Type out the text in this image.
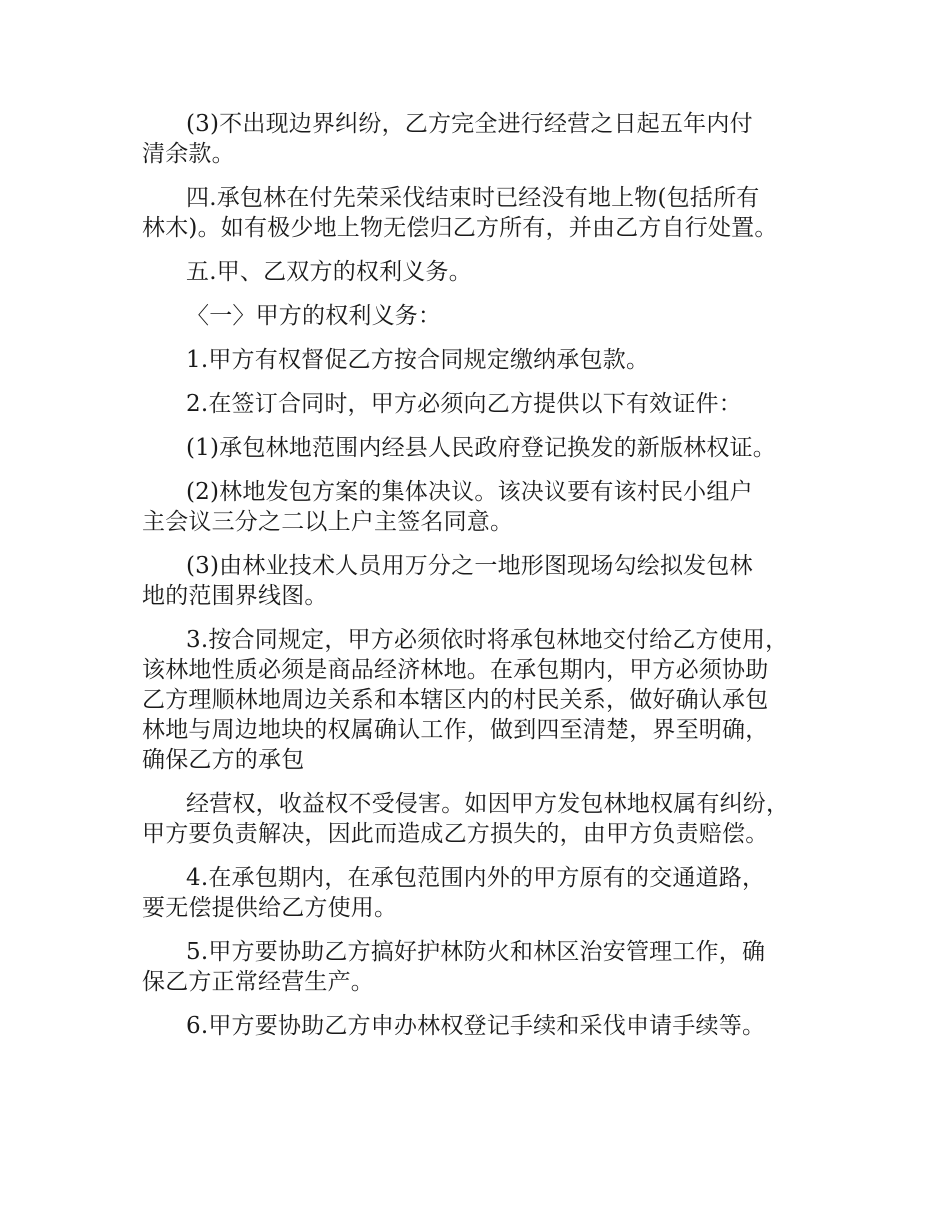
(3)不出现边界纠纷，乙方完全进行经营之日起五年内付
清余款。

四.承包林在付先荣采伐结束时已经没有地上物(包括所有
林木)。如有极少地上物无偿归乙方所有，并由乙方自行处置。

五.甲、乙双方的权利义务。

〈一〉甲方的权利义务：

1.甲方有权督促乙方按合同规定缴纳承包款。

2.在签订合同时，甲方必须向乙方提供以下有效证件：

(1)承包林地范围内经县人民政府登记换发的新版林权证。

(2)林地发包方案的集体决议。该决议要有该村民小组户
主会议三分之二以上户主签名同意。

(3)由林业技术人员用万分之一地形图现场勾绘拟发包林
地的范围界线图。

3.按合同规定，甲方必须依时将承包林地交付给乙方使用，
该林地性质必须是商品经济林地。在承包期内，甲方必须协助
乙方理顺林地周边关系和本辖区内的村民关系，做好确认承包
林地与周边地块的权属确认工作，做到四至清楚，界至明确，
确保乙方的承包

经营权，收益权不受侵害。如因甲方发包林地权属有纠纷，
甲方要负责解决，因此而造成乙方损失的，由甲方负责赔偿。

4.在承包期内，在承包范围内外的甲方原有的交通道路，
要无偿提供给乙方使用。

5.甲方要协助乙方搞好护林防火和林区治安管理工作，确
保乙方正常经营生产。

6.甲方要协助乙方申办林权登记手续和采伐申请手续等。
